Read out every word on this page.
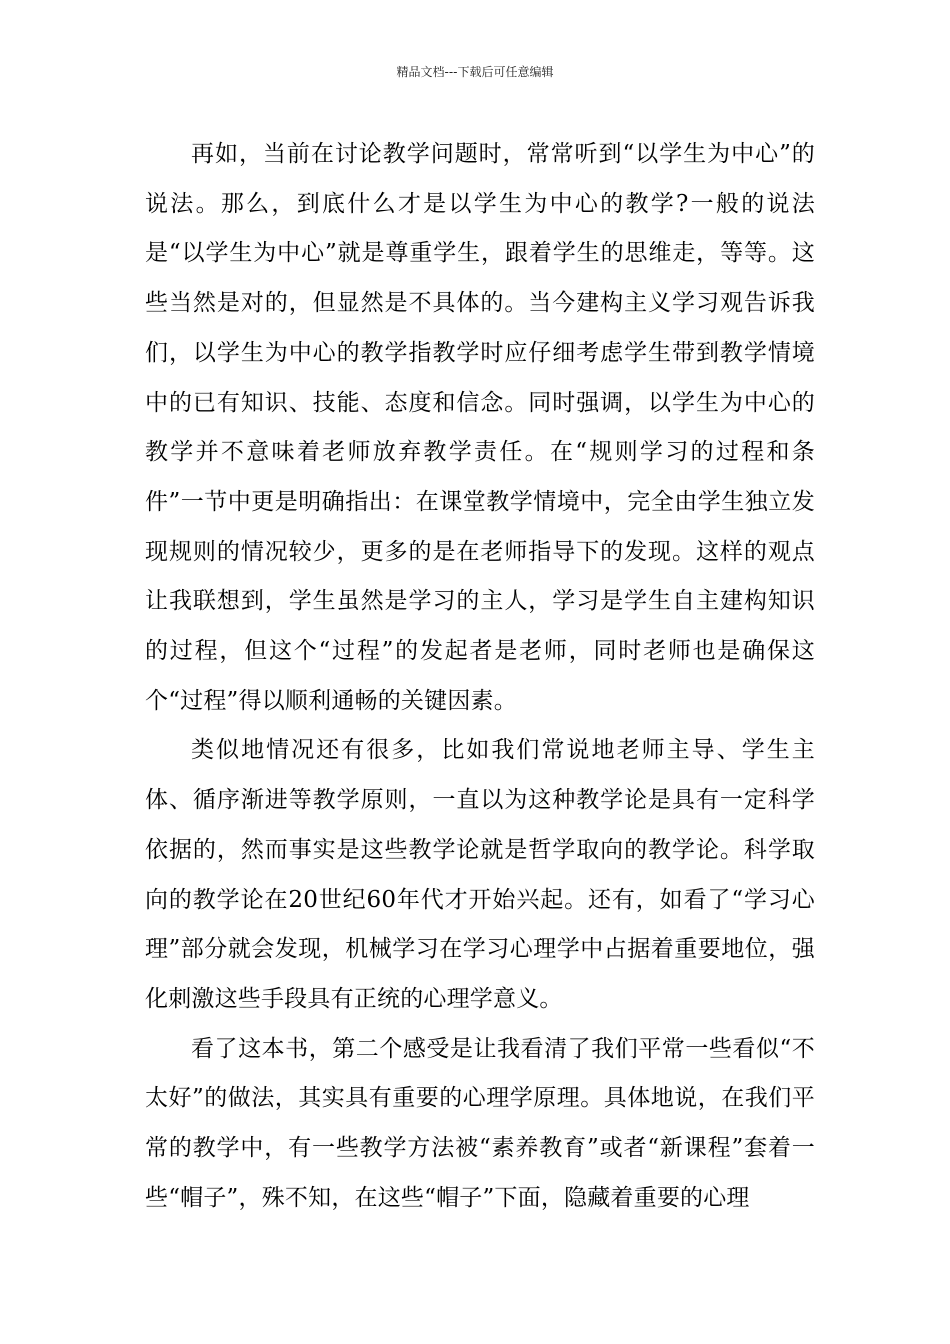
精品文档---下载后可任意编辑

再如，当前在讨论教学问题时，常常听到“以学生为中心”的说法。那么，到底什么才是以学生为中心的教学?一般的说法是“以学生为中心”就是尊重学生，跟着学生的思维走，等等。这些当然是对的，但显然是不具体的。当今建构主义学习观告诉我们，以学生为中心的教学指教学时应仔细考虑学生带到教学情境中的已有知识、技能、态度和信念。同时强调，以学生为中心的教学并不意味着老师放弃教学责任。在“规则学习的过程和条件”一节中更是明确指出：在课堂教学情境中，完全由学生独立发现规则的情况较少，更多的是在老师指导下的发现。这样的观点让我联想到，学生虽然是学习的主人，学习是学生自主建构知识的过程，但这个“过程”的发起者是老师，同时老师也是确保这个“过程”得以顺利通畅的关键因素。

类似地情况还有很多，比如我们常说地老师主导、学生主体、循序渐进等教学原则，一直以为这种教学论是具有一定科学依据的，然而事实是这些教学论就是哲学取向的教学论。科学取向的教学论在20世纪60年代才开始兴起。还有，如看了“学习心理”部分就会发现，机械学习在学习心理学中占据着重要地位，强化刺激这些手段具有正统的心理学意义。

看了这本书，第二个感受是让我看清了我们平常一些看似“不太好”的做法，其实具有重要的心理学原理。具体地说，在我们平常的教学中，有一些教学方法被“素养教育”或者“新课程”套着一些“帽子”，殊不知，在这些“帽子”下面，隐藏着重要的心理
